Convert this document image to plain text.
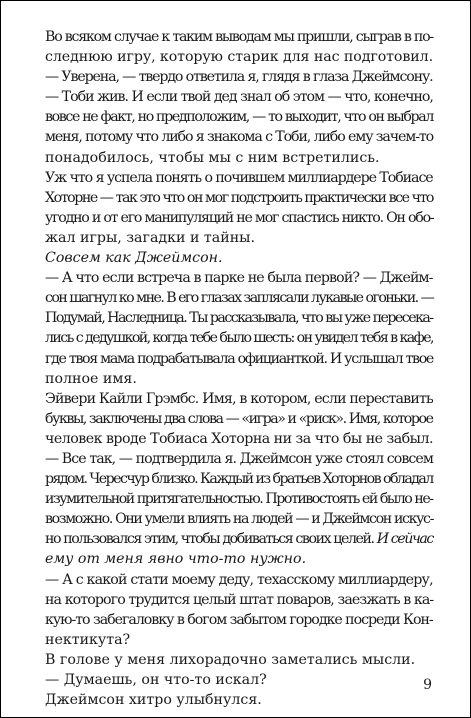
Во всяком случае к таким выводам мы пришли, сыграв в по-
следнюю игру, которую старик для нас подготовил.
— Уверена, — твердо ответила я, глядя в глаза Джеймсону.
— Тоби жив. И если твой дед знал об этом — что, конечно,
вовсе не факт, но предположим, — то выходит, что он выбрал
меня, потому что либо я знакома с Тоби, либо ему зачем-то
понадобилось, чтобы мы с ним встретились.
Уж что я успела понять о почившем миллиардере Тобиасе
Хоторне — так это что он мог подстроить практически все что
угодно и от его манипуляций не мог спастись никто. Он обо-
жал игры, загадки и тайны.
Совсем как Джеймсон.
— А что если встреча в парке не была первой? — Джейм-
сон шагнул ко мне. В его глазах заплясали лукавые огоньки. —
Подумай, Наследница. Ты рассказывала, что вы уже пересека-
лись с дедушкой, когда тебе было шесть: он увидел тебя в кафе,
где твоя мама подрабатывала официанткой. И услышал твое
полное имя.
Эйвери Кайли Грэмбс. Имя, в котором, если переставить
буквы, заключены два слова — «игра» и «риск». Имя, которое
человек вроде Тобиаса Хоторна ни за что бы не забыл.
— Все так, — подтвердила я. Джеймсон уже стоял совсем
рядом. Чересчур близко. Каждый из братьев Хоторнов обладал
изумительной притягательностью. Противостоять ей было не-
возможно. Они умели влиять на людей — и Джеймсон искус-
но пользовался этим, чтобы добиваться своих целей. И сейчас
ему от меня явно что-то нужно.
— А с какой стати моему деду, техасскому миллиардеру,
на которого трудится целый штат поваров, заезжать в ка-
кую-то забегаловку в богом забытом городке посреди Кон-
нектикута?
В голове у меня лихорадочно заметались мысли.
— Думаешь, он что-то искал?
Джеймсон хитро улыбнулся.
9
